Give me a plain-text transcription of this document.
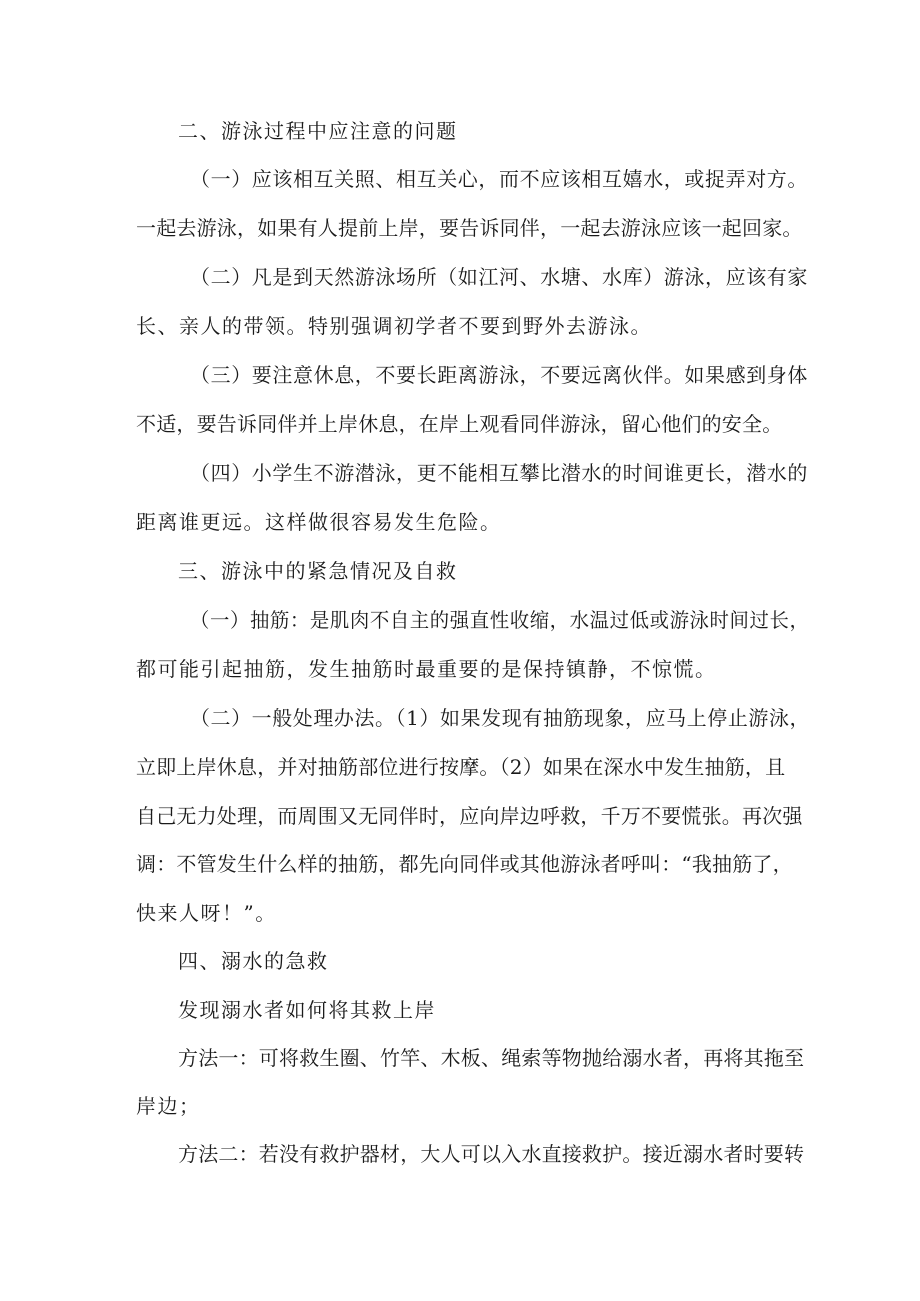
二、游泳过程中应注意的问题
（一）应该相互关照、相互关心，而不应该相互嬉水，或捉弄对方。
一起去游泳，如果有人提前上岸，要告诉同伴，一起去游泳应该一起回家。
（二）凡是到天然游泳场所（如江河、水塘、水库）游泳，应该有家
长、亲人的带领。特别强调初学者不要到野外去游泳。
（三）要注意休息，不要长距离游泳，不要远离伙伴。如果感到身体
不适，要告诉同伴并上岸休息，在岸上观看同伴游泳，留心他们的安全。
（四）小学生不游潜泳，更不能相互攀比潜水的时间谁更长，潜水的
距离谁更远。这样做很容易发生危险。
三、游泳中的紧急情况及自救
（一）抽筋：是肌肉不自主的强直性收缩，水温过低或游泳时间过长，
都可能引起抽筋，发生抽筋时最重要的是保持镇静，不惊慌。
（二）一般处理办法。（1）如果发现有抽筋现象，应马上停止游泳，
立即上岸休息，并对抽筋部位进行按摩。（2）如果在深水中发生抽筋，且
自己无力处理，而周围又无同伴时，应向岸边呼救，千万不要慌张。再次强
调：不管发生什么样的抽筋，都先向同伴或其他游泳者呼叫：“我抽筋了，
快来人呀！”。
四、溺水的急救
发现溺水者如何将其救上岸
方法一：可将救生圈、竹竿、木板、绳索等物抛给溺水者，再将其拖至
岸边；
方法二：若没有救护器材，大人可以入水直接救护。接近溺水者时要转
